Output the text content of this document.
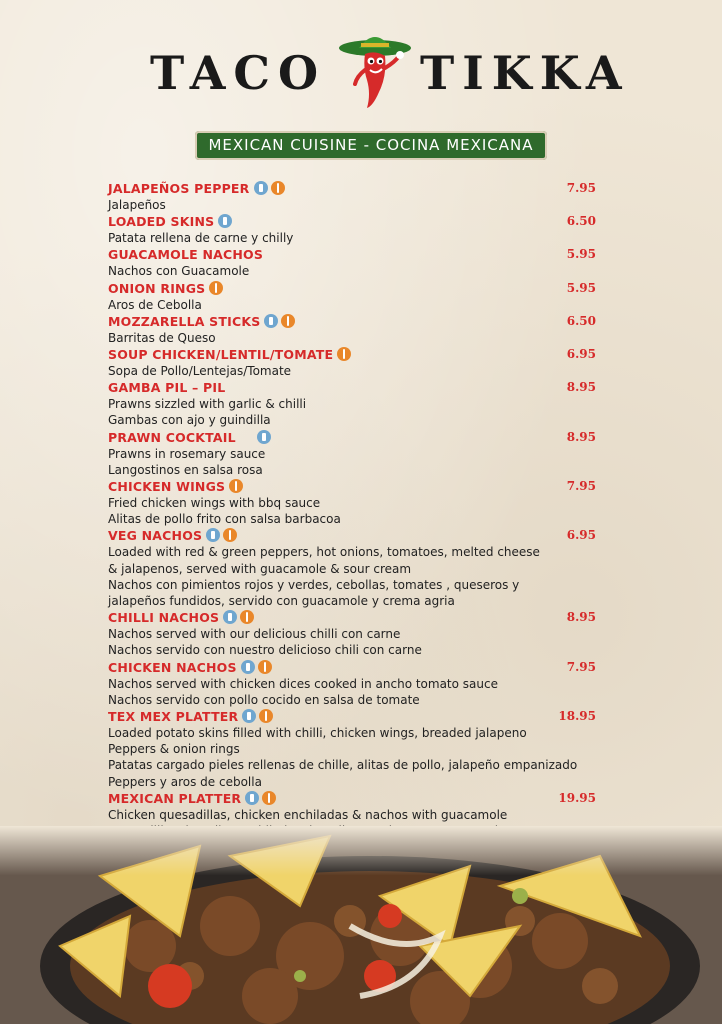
TACO TIKKA
MEXICAN CUISINE - COCINA MEXICANA
JALAPEÑOS PEPPER	7.95
Jalapeños
LOADED SKINS	6.50
Patata rellena de carne y chilly
GUACAMOLE NACHOS	5.95
Nachos con Guacamole
ONION RINGS	5.95
Aros de Cebolla
MOZZARELLA STICKS	6.50
Barritas de Queso
SOUP CHICKEN/LENTIL/TOMATE	6.95
Sopa de Pollo/Lentejas/Tomate
GAMBA PIL – PIL	8.95
Prawns sizzled with garlic & chilli
Gambas con ajo y guindilla
PRAWN COCKTAIL	8.95
Prawns in rosemary sauce
Langostinos en salsa rosa
CHICKEN WINGS	7.95
Fried chicken wings with bbq sauce
Alitas de pollo frito con salsa barbacoa
VEG NACHOS	6.95
Loaded with red & green peppers, hot onions, tomatoes, melted cheese
& jalapenos, served with guacamole & sour cream
Nachos con pimientos rojos y verdes, cebollas, tomates , queseros y
jalapeños fundidos, servido con guacamole y crema agria
CHILLI NACHOS	8.95
Nachos served with our delicious chilli con carne
Nachos servido con nuestro delicioso chili con carne
CHICKEN NACHOS	7.95
Nachos served with chicken dices cooked in ancho tomato sauce
Nachos servido con pollo cocido en salsa de tomate
TEX MEX PLATTER	18.95
Loaded potato skins filled with chilli, chicken wings, breaded jalapeno
Peppers & onion rings
Patatas cargado pieles rellenas de chille, alitas de pollo, jalapeño empanizado
Peppers y aros de cebolla
MEXICAN PLATTER	19.95
Chicken quesadillas, chicken enchiladas & nachos with guacamole
